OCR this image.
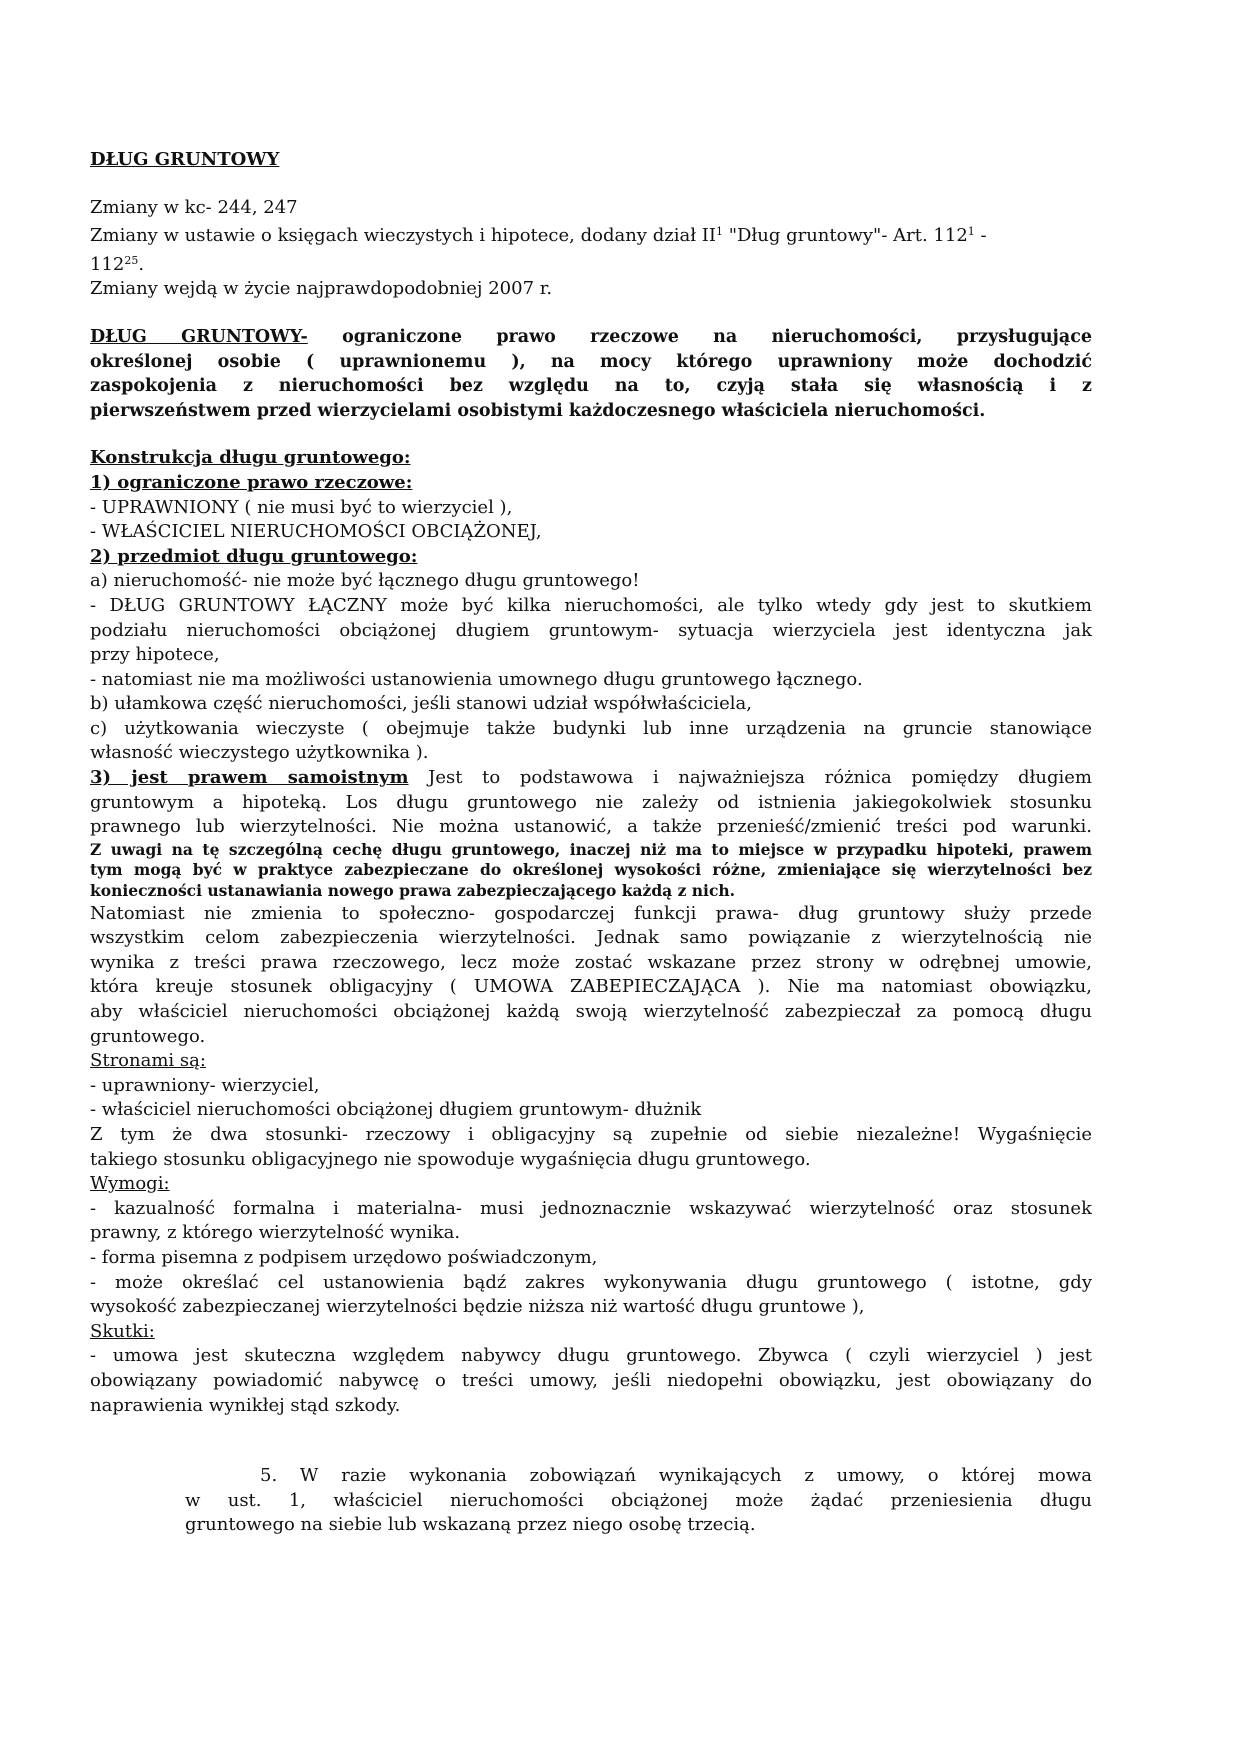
DŁUG GRUNTOWY
Zmiany w kc- 244, 247
Zmiany w ustawie o księgach wieczystych i hipotece, dodany dział $II^1$ "Dług gruntowy"- Art. $112^1$ -
$112^{25}$.
Zmiany wejdą w życie najprawdopodobniej 2007 r.
DŁUG GRUNTOWY- ograniczone prawo rzeczowe na nieruchomości, przysługujące
określonej osobie ( uprawnionemu ), na mocy którego uprawniony może dochodzić
zaspokojenia z nieruchomości bez względu na to, czyją stała się własnością i z
pierwszeństwem przed wierzycielami osobistymi każdoczesnego właściciela nieruchomości.
Konstrukcja długu gruntowego:
1) ograniczone prawo rzeczowe:
- UPRAWNIONY ( nie musi być to wierzyciel ),
- WŁAŚCICIEL NIERUCHOMOŚCI OBCIĄŻONEJ,
2) przedmiot długu gruntowego:
a) nieruchomość- nie może być łącznego długu gruntowego!
- DŁUG GRUNTOWY ŁĄCZNY może być kilka nieruchomości, ale tylko wtedy gdy jest to skutkiem
podziału nieruchomości obciążonej długiem gruntowym- sytuacja wierzyciela jest identyczna jak
przy hipotece,
- natomiast nie ma możliwości ustanowienia umownego długu gruntowego łącznego.
b) ułamkowa część nieruchomości, jeśli stanowi udział współwłaściciela,
c) użytkowania wieczyste ( obejmuje także budynki lub inne urządzenia na gruncie stanowiące
własność wieczystego użytkownika ).
3) jest prawem samoistnym Jest to podstawowa i najważniejsza różnica pomiędzy długiem
gruntowym a hipoteką. Los długu gruntowego nie zależy od istnienia jakiegokolwiek stosunku
prawnego lub wierzytelności. Nie można ustanowić, a także przenieść/zmienić treści pod warunki.
Z uwagi na tę szczególną cechę długu gruntowego, inaczej niż ma to miejsce w przypadku hipoteki, prawem
tym mogą być w praktyce zabezpieczane do określonej wysokości różne, zmieniające się wierzytelności bez
konieczności ustanawiania nowego prawa zabezpieczającego każdą z nich.
Natomiast nie zmienia to społeczno- gospodarczej funkcji prawa- dług gruntowy służy przede
wszystkim celom zabezpieczenia wierzytelności. Jednak samo powiązanie z wierzytelnością nie
wynika z treści prawa rzeczowego, lecz może zostać wskazane przez strony w odrębnej umowie,
która kreuje stosunek obligacyjny ( UMOWA ZABEPIECZAJĄCA ). Nie ma natomiast obowiązku,
aby właściciel nieruchomości obciążonej każdą swoją wierzytelność zabezpieczał za pomocą długu
gruntowego.
Stronami są:
- uprawniony- wierzyciel,
- właściciel nieruchomości obciążonej długiem gruntowym- dłużnik
Z tym że dwa stosunki- rzeczowy i obligacyjny są zupełnie od siebie niezależne! Wygaśnięcie
takiego stosunku obligacyjnego nie spowoduje wygaśnięcia długu gruntowego.
Wymogi:
- kazualność formalna i materialna- musi jednoznacznie wskazywać wierzytelność oraz stosunek
prawny, z którego wierzytelność wynika.
- forma pisemna z podpisem urzędowo poświadczonym,
- może określać cel ustanowienia bądź zakres wykonywania długu gruntowego ( istotne, gdy
wysokość zabezpieczanej wierzytelności będzie niższa niż wartość długu gruntowe ),
Skutki:
- umowa jest skuteczna względem nabywcy długu gruntowego. Zbywca ( czyli wierzyciel ) jest
obowiązany powiadomić nabywcę o treści umowy, jeśli niedopełni obowiązku, jest obowiązany do
naprawienia wynikłej stąd szkody.
5. W razie wykonania zobowiązań wynikających z umowy, o której mowa
w ust. 1, właściciel nieruchomości obciążonej może żądać przeniesienia długu
gruntowego na siebie lub wskazaną przez niego osobę trzecią.
